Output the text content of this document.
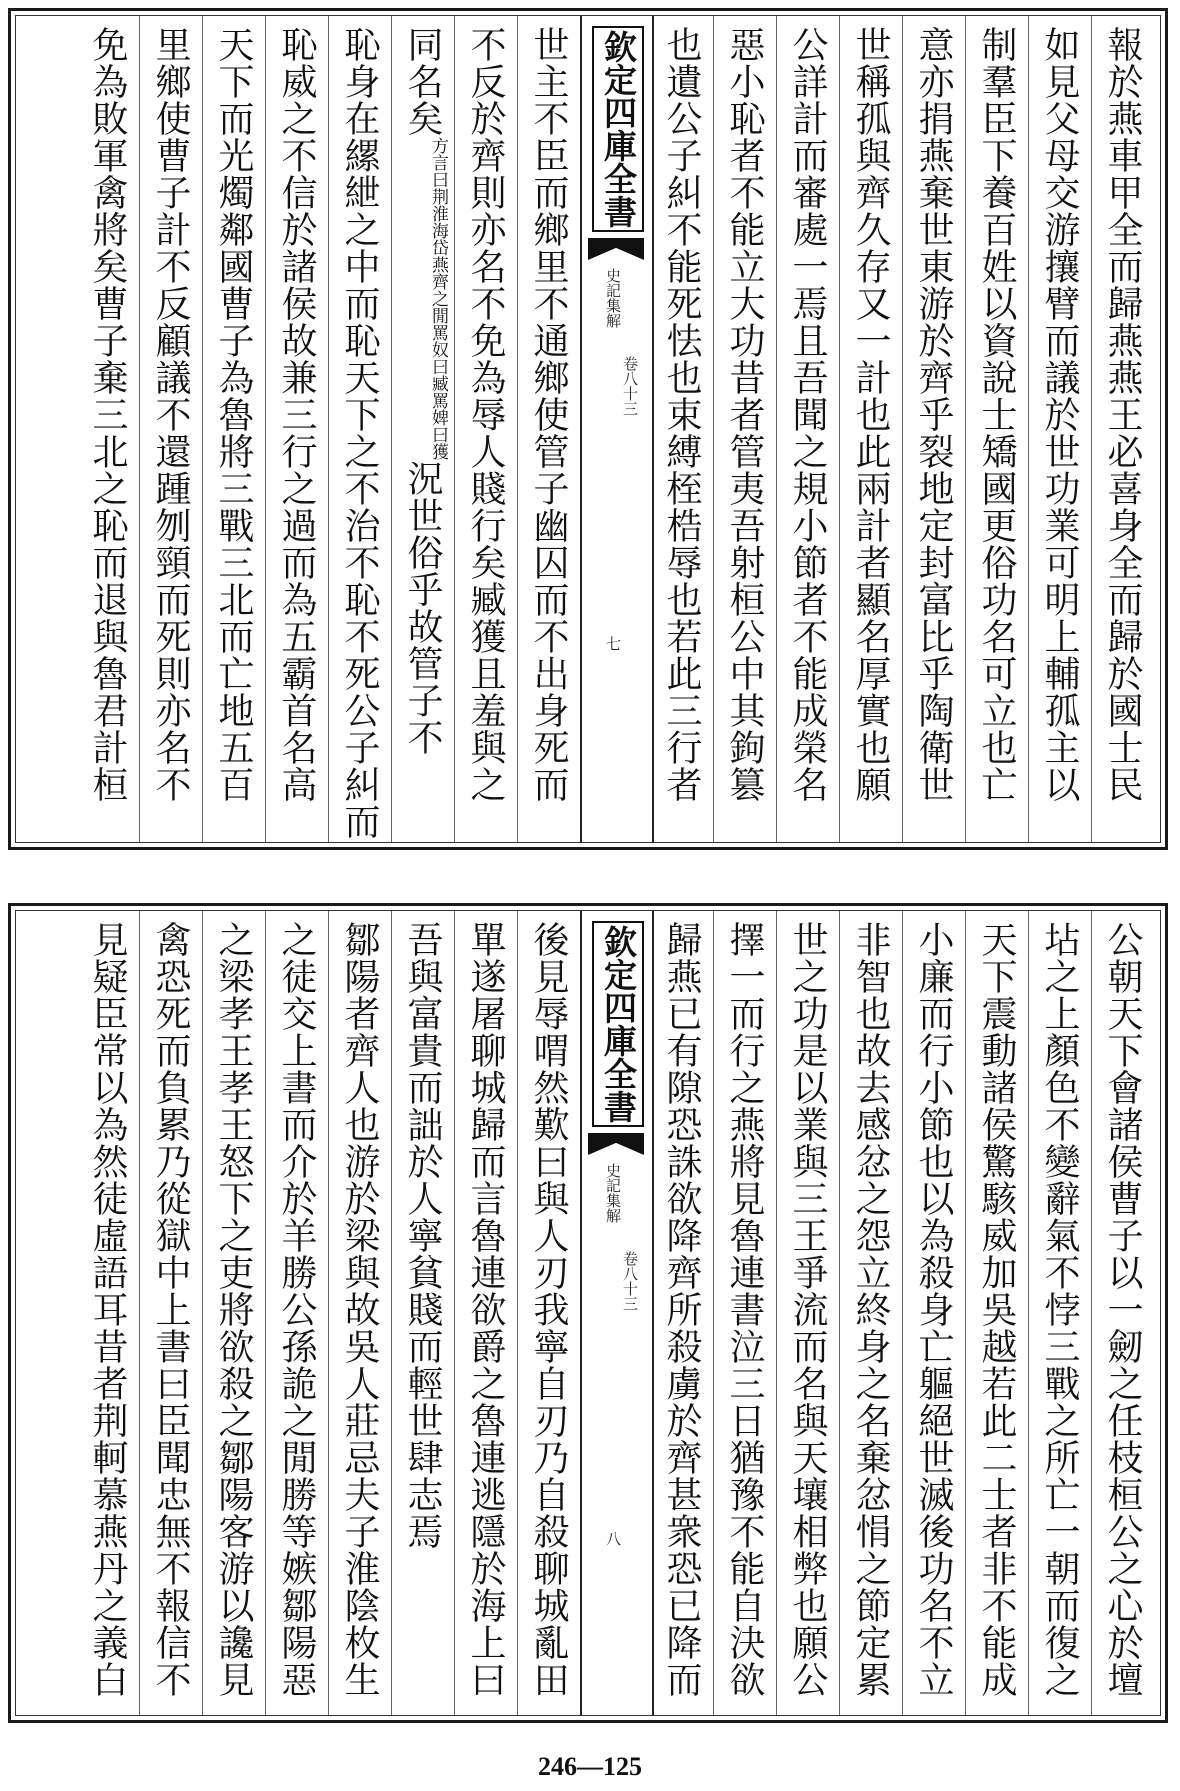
報於燕車甲全而歸燕燕王必喜身全而歸於國士民
如見父母交游攘臂而議於世功業可明上輔孤主以
制羣臣下養百姓以資說士矯國更俗功名可立也亡
意亦捐燕棄世東游於齊乎裂地定封富比乎陶衛世
世稱孤與齊久存又一計也此兩計者顯名厚實也願
公詳計而審處一焉且吾聞之規小節者不能成榮名
惡小恥者不能立大功昔者管夷吾射桓公中其鉤篡
也遺公子糾不能死怯也束縛桎梏辱也若此三行者
欽定四庫全書
史記集解
卷八十三
七
世主不臣而鄉里不通鄉使管子幽囚而不出身死而
不反於齊則亦名不免為辱人賤行矣臧獲且羞與之
同名矣方言曰荆淮海岱燕齊之閒罵奴曰臧罵婢曰獲況世俗乎故管子不
恥身在縲紲之中而恥天下之不治不恥不死公子糾而
恥威之不信於諸侯故兼三行之過而為五霸首名高
天下而光燭鄰國曹子為魯將三戰三北而亡地五百
里鄉使曹子計不反顧議不還踵刎頸而死則亦名不
免為敗軍禽將矣曹子棄三北之恥而退與魯君計桓
公朝天下會諸侯曹子以一劒之任枝桓公之心於壇
坫之上顏色不變辭氣不悖三戰之所亡一朝而復之
天下震動諸侯驚駭威加吳越若此二士者非不能成
小廉而行小節也以為殺身亡軀絕世滅後功名不立
非智也故去感忿之怨立終身之名棄忿悁之節定累
世之功是以業與三王爭流而名與天壤相弊也願公
擇一而行之燕將見魯連書泣三日猶豫不能自決欲
歸燕已有隙恐誅欲降齊所殺虜於齊甚衆恐已降而
欽定四庫全書
史記集解
卷八十三
八
後見辱喟然歎曰與人刃我寧自刃乃自殺聊城亂田
單遂屠聊城歸而言魯連欲爵之魯連逃隱於海上曰
吾與富貴而詘於人寧貧賤而輕世肆志焉
鄒陽者齊人也游於梁與故吳人莊忌夫子淮陰枚生
之徒交上書而介於羊勝公孫詭之閒勝等嫉鄒陽惡
之梁孝王孝王怒下之吏將欲殺之鄒陽客游以讒見
禽恐死而負累乃從獄中上書曰臣聞忠無不報信不
見疑臣常以為然徒虛語耳昔者荆軻慕燕丹之義白
246—125
